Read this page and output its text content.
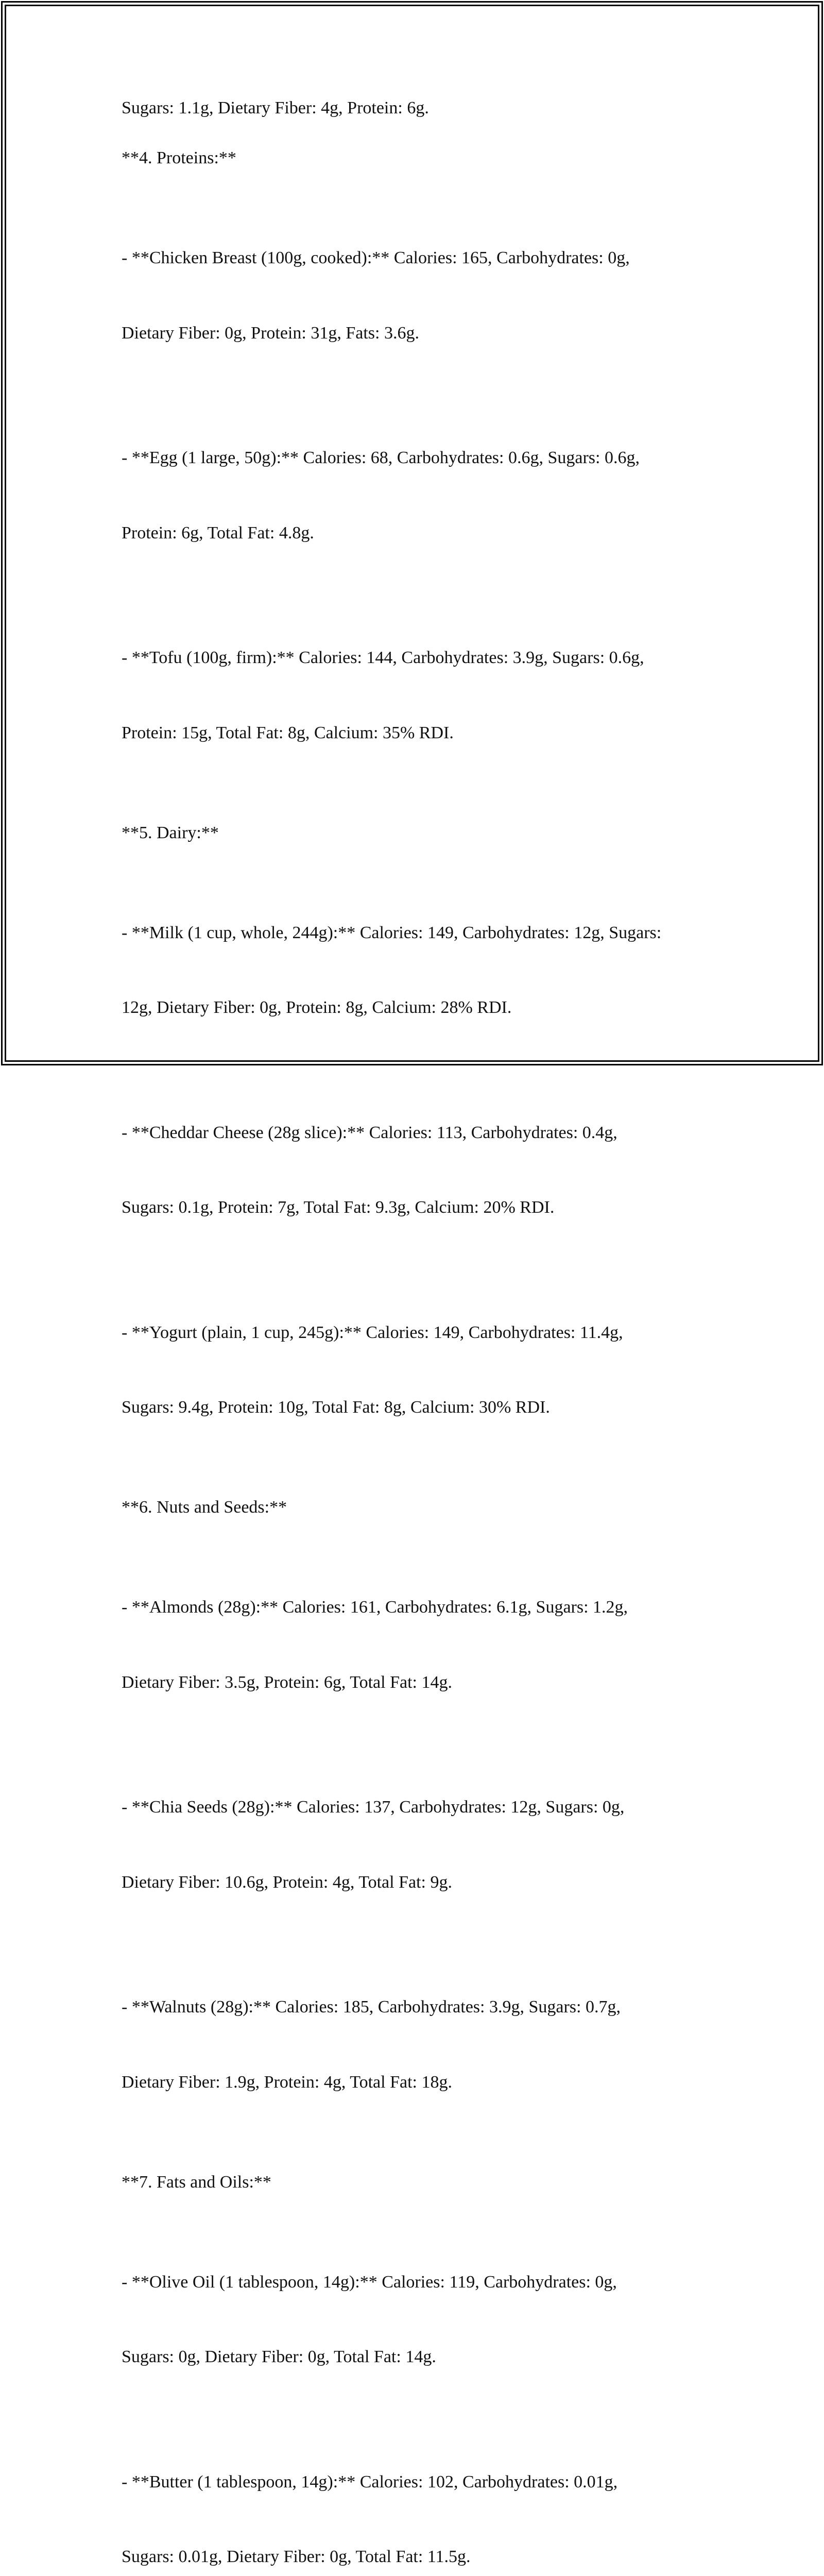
Sugars: 1.1g, Dietary Fiber: 4g, Protein: 6g.
**4. Proteins:**

- **Chicken Breast (100g, cooked):** Calories: 165, Carbohydrates: 0g,

Dietary Fiber: 0g, Protein: 31g, Fats: 3.6g.

- **Egg (1 large, 50g):** Calories: 68, Carbohydrates: 0.6g, Sugars: 0.6g,

Protein: 6g, Total Fat: 4.8g.

- **Tofu (100g, firm):** Calories: 144, Carbohydrates: 3.9g, Sugars: 0.6g,

Protein: 15g, Total Fat: 8g, Calcium: 35% RDI.

**5. Dairy:**

- **Milk (1 cup, whole, 244g):** Calories: 149, Carbohydrates: 12g, Sugars:

12g, Dietary Fiber: 0g, Protein: 8g, Calcium: 28% RDI.

- **Cheddar Cheese (28g slice):** Calories: 113, Carbohydrates: 0.4g,

Sugars: 0.1g, Protein: 7g, Total Fat: 9.3g, Calcium: 20% RDI.

- **Yogurt (plain, 1 cup, 245g):** Calories: 149, Carbohydrates: 11.4g,

Sugars: 9.4g, Protein: 10g, Total Fat: 8g, Calcium: 30% RDI.

**6. Nuts and Seeds:**

- **Almonds (28g):** Calories: 161, Carbohydrates: 6.1g, Sugars: 1.2g,

Dietary Fiber: 3.5g, Protein: 6g, Total Fat: 14g.

- **Chia Seeds (28g):** Calories: 137, Carbohydrates: 12g, Sugars: 0g,

Dietary Fiber: 10.6g, Protein: 4g, Total Fat: 9g.

- **Walnuts (28g):** Calories: 185, Carbohydrates: 3.9g, Sugars: 0.7g,

Dietary Fiber: 1.9g, Protein: 4g, Total Fat: 18g.

**7. Fats and Oils:**

- **Olive Oil (1 tablespoon, 14g):** Calories: 119, Carbohydrates: 0g,

Sugars: 0g, Dietary Fiber: 0g, Total Fat: 14g.

- **Butter (1 tablespoon, 14g):** Calories: 102, Carbohydrates: 0.01g,

Sugars: 0.01g, Dietary Fiber: 0g, Total Fat: 11.5g.
